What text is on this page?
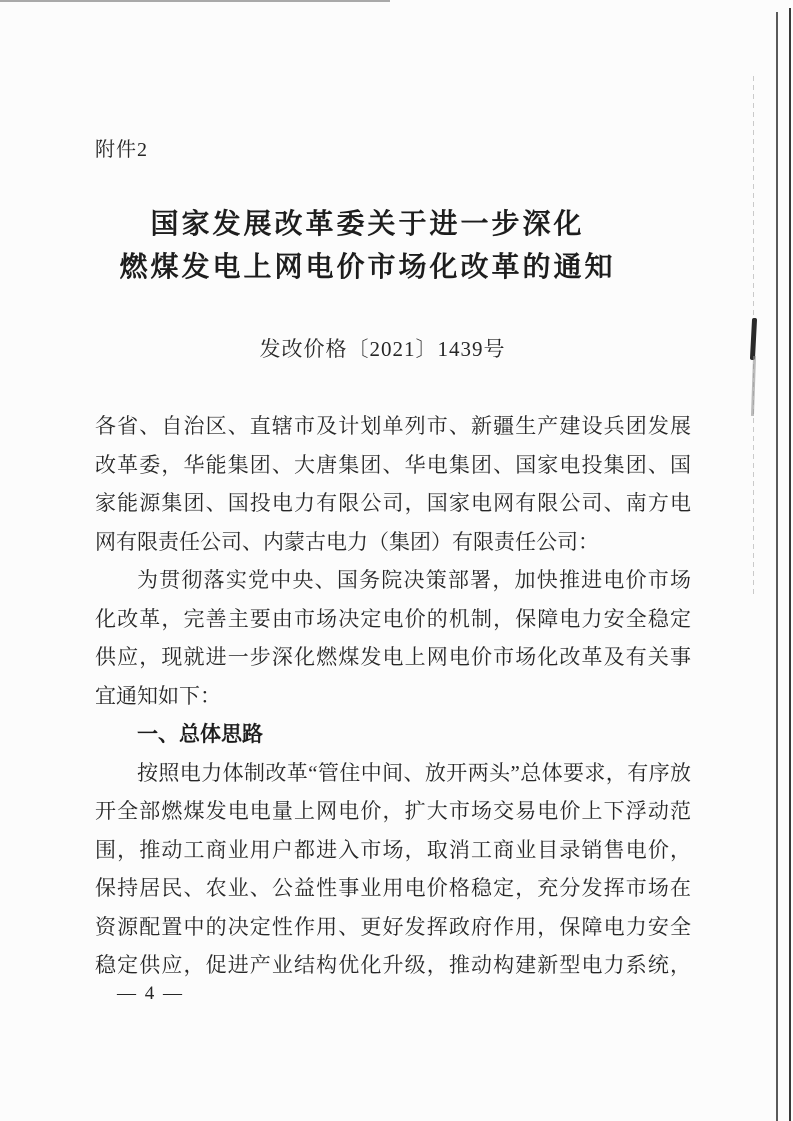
附件2
国家发展改革委关于进一步深化
燃煤发电上网电价市场化改革的通知
发改价格〔2021〕1439号
各省、自治区、直辖市及计划单列市、新疆生产建设兵团发展
改革委，华能集团、大唐集团、华电集团、国家电投集团、国
家能源集团、国投电力有限公司，国家电网有限公司、南方电
网有限责任公司、内蒙古电力（集团）有限责任公司：
为贯彻落实党中央、国务院决策部署，加快推进电价市场
化改革，完善主要由市场决定电价的机制，保障电力安全稳定
供应，现就进一步深化燃煤发电上网电价市场化改革及有关事
宜通知如下：
一、总体思路
按照电力体制改革“管住中间、放开两头”总体要求，有序放
开全部燃煤发电电量上网电价，扩大市场交易电价上下浮动范
围，推动工商业用户都进入市场，取消工商业目录销售电价，
保持居民、农业、公益性事业用电价格稳定，充分发挥市场在
资源配置中的决定性作用、更好发挥政府作用，保障电力安全
稳定供应，促进产业结构优化升级，推动构建新型电力系统，
— 4 —
